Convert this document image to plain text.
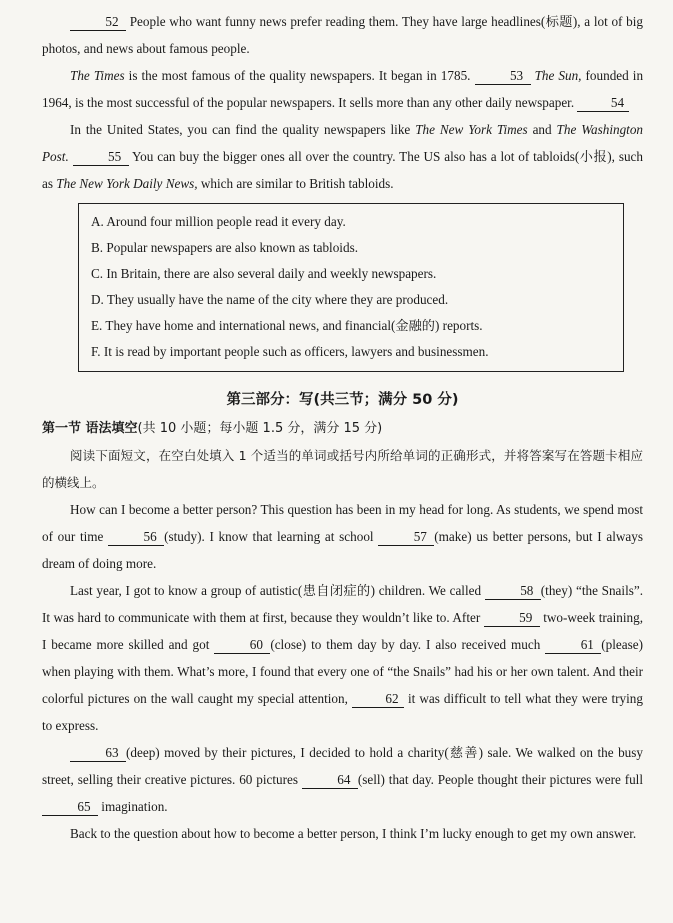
52 People who want funny news prefer reading them. They have large headlines(标题), a lot of big photos, and news about famous people.

The Times is the most famous of the quality newspapers. It began in 1785.	53 The Sun, founded in 1964, is the most successful of the popular newspapers. It sells more than any other daily newspaper.	54

In the United States, you can find the quality newspapers like The New York Times and The Washington Post.	55 You can buy the bigger ones all over the country. The US also has a lot of tabloids(小报), such as The New York Daily News, which are similar to British tabloids.

A. Around four million people read it every day.
B. Popular newspapers are also known as tabloids.
C. In Britain, there are also several daily and weekly newspapers.
D. They usually have the name of the city where they are produced.
E. They have home and international news, and financial(金融的) reports.
F. It is read by important people such as officers, lawyers and businessmen.
第三部分：写(共三节；满分 50 分)
第一节 语法填空(共 10 小题；每小题 1.5 分，满分 15 分)

阅读下面短文，在空白处填入 1 个适当的单词或括号内所给单词的正确形式，并将答案写在答题卡相应的横线上。

How can I become a better person? This question has been in my head for long. As students, we spend most of our time	56 (study). I know that learning at school	57 (make) us better persons, but I always dream of doing more.

Last year, I got to know a group of autistic(患自闭症的) children. We called	58 (they) “the Snails”. It was hard to communicate with them at first, because they wouldn’t like to. After	59 two-week training, I became more skilled and got	60 (close) to them day by day. I also received much	61 (please) when playing with them. What’s more, I found that every one of “the Snails” had his or her own talent. And their colorful pictures on the wall caught my special attention,	62 it was difficult to tell what they were trying to express.

63 (deep) moved by their pictures, I decided to hold a charity(慈善) sale. We walked on the busy street, selling their creative pictures. 60 pictures	64 (sell) that day. People thought their pictures were full 65 imagination.

Back to the question about how to become a better person, I think I’m lucky enough to get my own answer.
